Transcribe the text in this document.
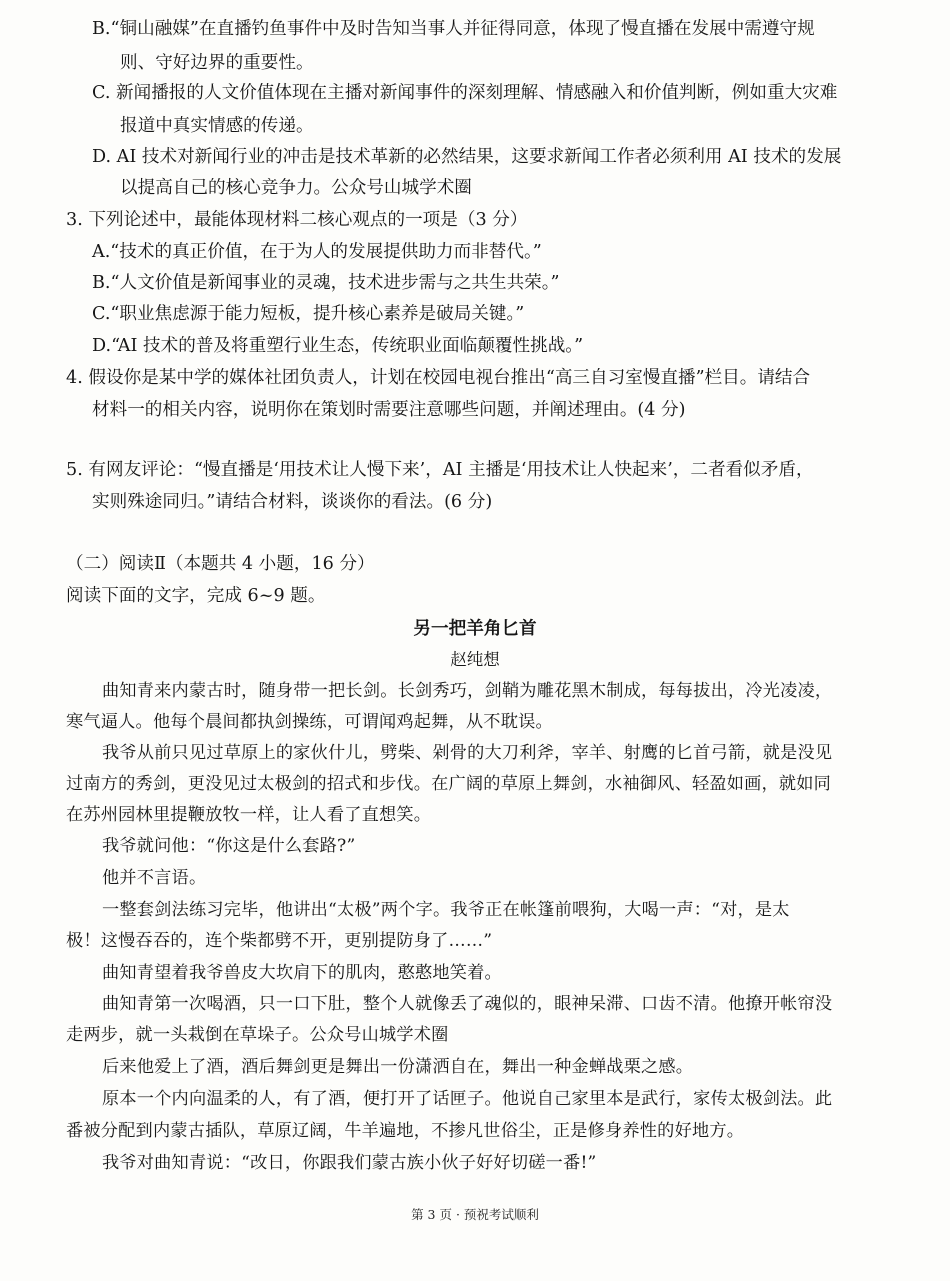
B.“铜山融媒”在直播钓鱼事件中及时告知当事人并征得同意，体现了慢直播在发展中需遵守规
则、守好边界的重要性。
C. 新闻播报的人文价值体现在主播对新闻事件的深刻理解、情感融入和价值判断，例如重大灾难
报道中真实情感的传递。
D. AI 技术对新闻行业的冲击是技术革新的必然结果，这要求新闻工作者必须利用 AI 技术的发展
以提高自己的核心竞争力。公众号山城学术圈
3. 下列论述中，最能体现材料二核心观点的一项是（3 分）
A.“技术的真正价值，在于为人的发展提供助力而非替代。”
B.“人文价值是新闻事业的灵魂，技术进步需与之共生共荣。”
C.“职业焦虑源于能力短板，提升核心素养是破局关键。”
D.“AI 技术的普及将重塑行业生态，传统职业面临颠覆性挑战。”
4. 假设你是某中学的媒体社团负责人，计划在校园电视台推出“高三自习室慢直播”栏目。请结合
材料一的相关内容，说明你在策划时需要注意哪些问题，并阐述理由。(4 分)
5. 有网友评论：“慢直播是‘用技术让人慢下来’，AI 主播是‘用技术让人快起来’，二者看似矛盾，
实则殊途同归。”请结合材料，谈谈你的看法。(6 分)
（二）阅读Ⅱ（本题共 4 小题，16 分）
阅读下面的文字，完成 6~9 题。
另一把羊角匕首
赵纯想
曲知青来内蒙古时，随身带一把长剑。长剑秀巧，剑鞘为雕花黑木制成，每每拔出，冷光凌凌，
寒气逼人。他每个晨间都执剑操练，可谓闻鸡起舞，从不耽误。
我爷从前只见过草原上的家伙什儿，劈柴、剁骨的大刀利斧，宰羊、射鹰的匕首弓箭，就是没见
过南方的秀剑，更没见过太极剑的招式和步伐。在广阔的草原上舞剑，水袖御风、轻盈如画，就如同
在苏州园林里提鞭放牧一样，让人看了直想笑。
我爷就问他：“你这是什么套路?”
他并不言语。
一整套剑法练习完毕，他讲出“太极”两个字。我爷正在帐篷前喂狗，大喝一声：“对，是太
极！这慢吞吞的，连个柴都劈不开，更别提防身了……”
曲知青望着我爷兽皮大坎肩下的肌肉，憨憨地笑着。
曲知青第一次喝酒，只一口下肚，整个人就像丢了魂似的，眼神呆滞、口齿不清。他撩开帐帘没
走两步，就一头栽倒在草垛子。公众号山城学术圈
后来他爱上了酒，酒后舞剑更是舞出一份潇洒自在，舞出一种金蝉战栗之感。
原本一个内向温柔的人，有了酒，便打开了话匣子。他说自己家里本是武行，家传太极剑法。此
番被分配到内蒙古插队，草原辽阔，牛羊遍地，不掺凡世俗尘，正是修身养性的好地方。
我爷对曲知青说：“改日，你跟我们蒙古族小伙子好好切磋一番!”
第 3 页 · 预祝考试顺利
